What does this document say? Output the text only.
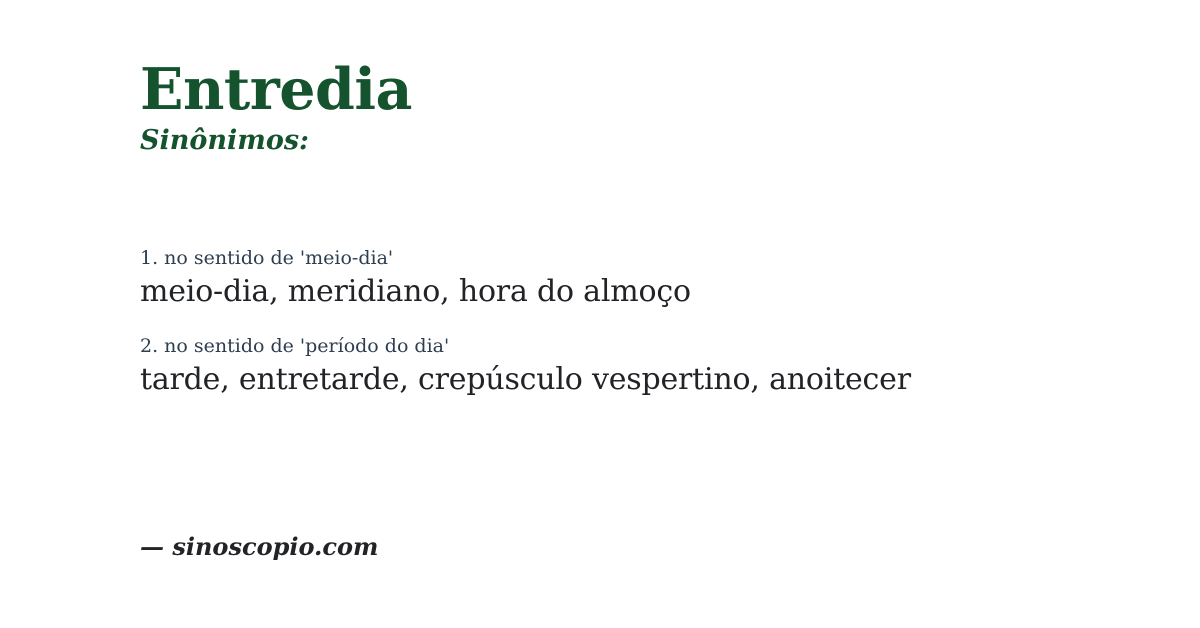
Entredia
Sinônimos:
1. no sentido de 'meio-dia'
meio-dia, meridiano, hora do almoço
2. no sentido de 'período do dia'
tarde, entretarde, crepúsculo vespertino, anoitecer
— sinoscopio.com
